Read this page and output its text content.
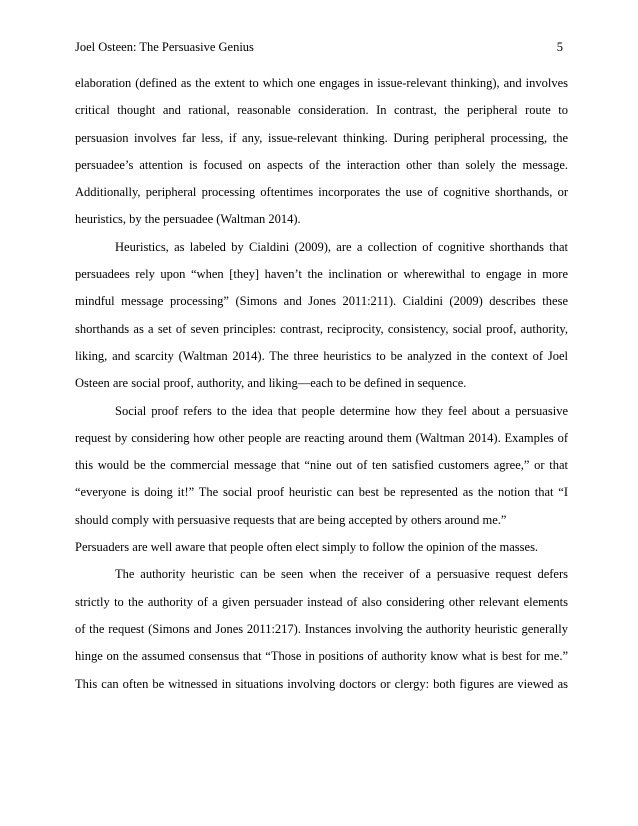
Joel Osteen: The Persuasive Genius	5
elaboration (defined as the extent to which one engages in issue-relevant thinking), and involves
critical thought and rational, reasonable consideration. In contrast, the peripheral route to
persuasion involves far less, if any, issue-relevant thinking. During peripheral processing, the
persuadee’s attention is focused on aspects of the interaction other than solely the message.
Additionally, peripheral processing oftentimes incorporates the use of cognitive shorthands, or
heuristics, by the persuadee (Waltman 2014).
Heuristics, as labeled by Cialdini (2009), are a collection of cognitive shorthands that
persuadees rely upon “when [they] haven’t the inclination or wherewithal to engage in more
mindful message processing” (Simons and Jones 2011:211). Cialdini (2009) describes these
shorthands as a set of seven principles: contrast, reciprocity, consistency, social proof, authority,
liking, and scarcity (Waltman 2014). The three heuristics to be analyzed in the context of Joel
Osteen are social proof, authority, and liking—each to be defined in sequence.
Social proof refers to the idea that people determine how they feel about a persuasive
request by considering how other people are reacting around them (Waltman 2014). Examples of
this would be the commercial message that “nine out of ten satisfied customers agree,” or that
“everyone is doing it!” The social proof heuristic can best be represented as the notion that “I
should comply with persuasive requests that are being accepted by others around me.”
Persuaders are well aware that people often elect simply to follow the opinion of the masses.
The authority heuristic can be seen when the receiver of a persuasive request defers
strictly to the authority of a given persuader instead of also considering other relevant elements
of the request (Simons and Jones 2011:217). Instances involving the authority heuristic generally
hinge on the assumed consensus that “Those in positions of authority know what is best for me.”
This can often be witnessed in situations involving doctors or clergy: both figures are viewed as
